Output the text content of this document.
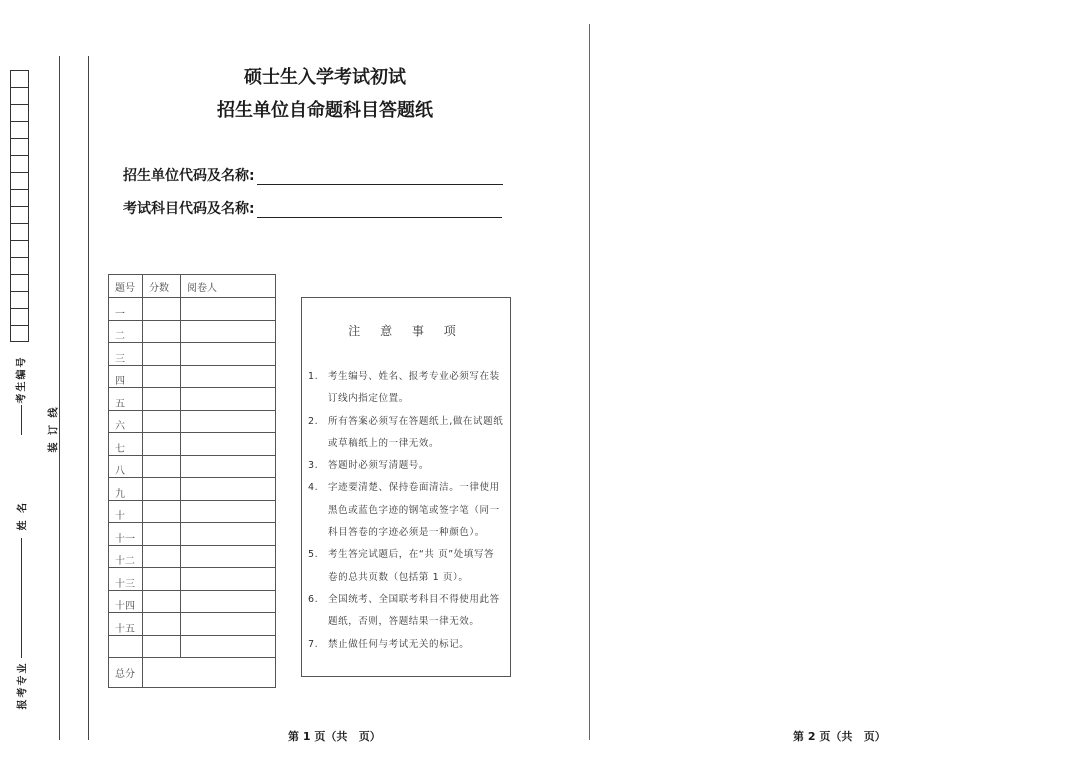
考生编号
姓 名
报考专业
装 订 线
硕士生入学考试初试
招生单位自命题科目答题纸
招生单位代码及名称:
考试科目代码及名称:
题号	分数	阅卷人
一		
二		
三		
四		
五		
六		
七		
八		
九		
十		
十一		
十二		
十三		
十四		
十五		

总分		
注 意 事 项
1.	考生编号、姓名、报考专业必须写在装订线内指定位置。
2.	所有答案必须写在答题纸上,做在试题纸或草稿纸上的一律无效。
3.	答题时必须写清题号。
4.	字迹要清楚、保持卷面清洁。一律使用黑色或蓝色字迹的钢笔或签字笔（同一科目答卷的字迹必须是一种颜色）。
5.	考生答完试题后，在“共 页”处填写答卷的总共页数（包括第 1 页）。
6.	全国统考、全国联考科目不得使用此答题纸，否则，答题结果一律无效。
7.	禁止做任何与考试无关的标记。
第 1 页（共   页）	第 2 页（共   页）
